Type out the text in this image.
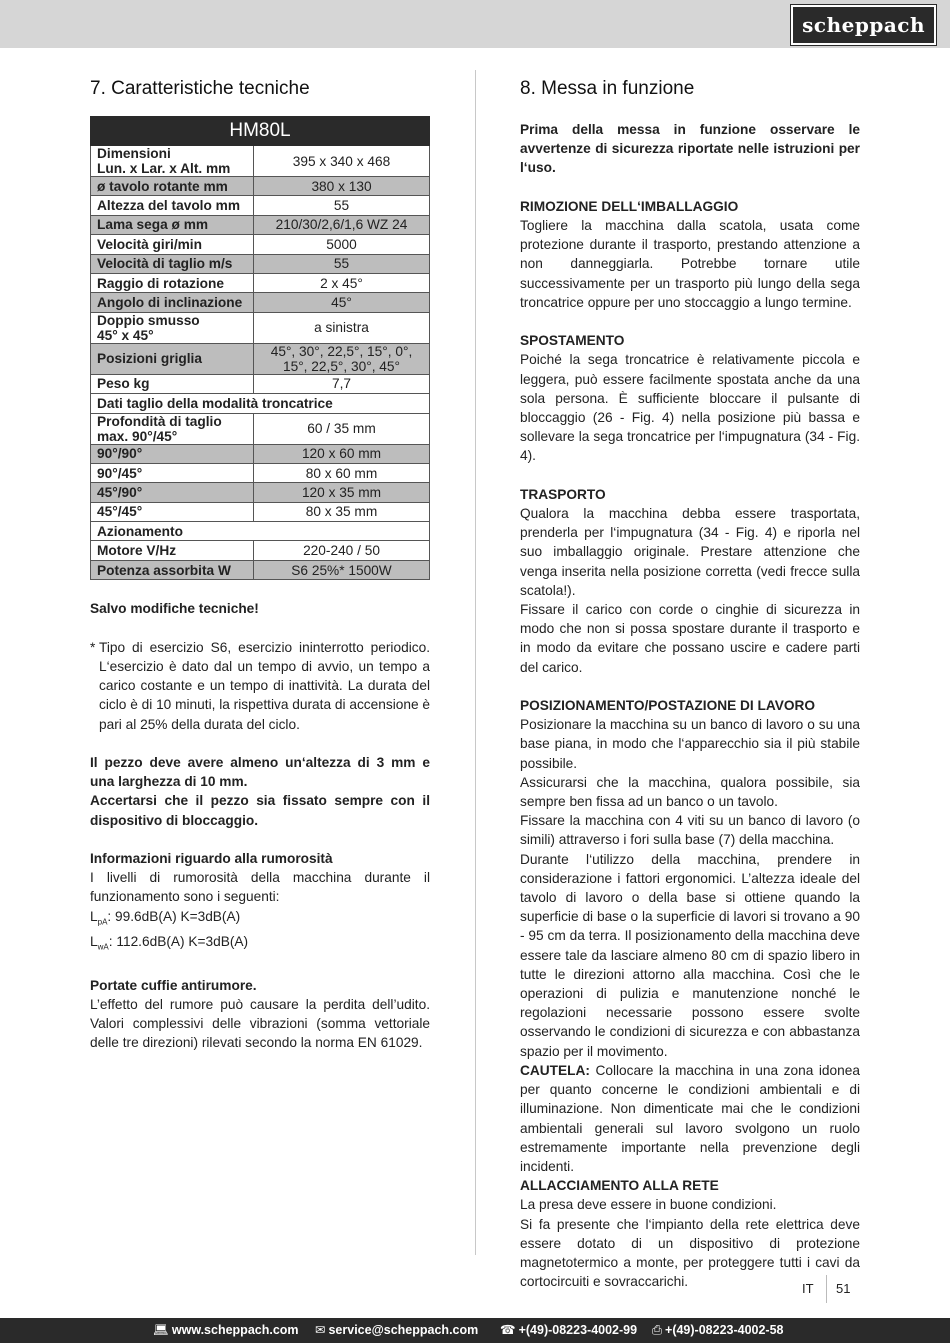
scheppach
7. Caratteristiche tecniche
HM80L	
Dimensioni
Lun. x Lar. x Alt. mm	395 x 340 x 468
ø tavolo rotante mm	380 x 130
Altezza del tavolo mm	55
Lama sega ø mm	210/30/2,6/1,6 WZ 24
Velocità giri/min	5000
Velocità di taglio m/s	55
Raggio di rotazione	2 x 45°
Angolo di inclinazione	45°
Doppio smusso
45° x 45°	a sinistra
Posizioni griglia	45°, 30°, 22,5°, 15°, 0°,
15°, 22,5°, 30°, 45°
Peso kg	7,7
Dati taglio della modalità troncatrice	
Profondità di taglio
max. 90°/45°	60 / 35 mm
90°/90°	120 x 60 mm
90°/45°	80 x 60 mm
45°/90°	120 x 35 mm
45°/45°	80 x 35 mm
Azionamento	
Motore V/Hz	220-240 / 50
Potenza assorbita W	S6 25%* 1500W

Salvo modifiche tecniche!

* Tipo di esercizio S6, esercizio ininterrotto periodico. L‘esercizio è dato dal un tempo di avvio, un tempo a carico costante e un tempo di inattività. La durata del ciclo è di 10 minuti, la rispettiva durata di accensione è pari al 25% della durata del ciclo.

Il pezzo deve avere almeno un‘altezza di 3 mm e una larghezza di 10 mm.

Accertarsi che il pezzo sia fissato sempre con il dispositivo di bloccaggio.

Informazioni riguardo alla rumorosità

I livelli di rumorosità della macchina durante il funzionamento sono i seguenti:

$L_{pA}$: 99.6dB(A) K=3dB(A)

$L_{wA}$: 112.6dB(A) K=3dB(A)

Portate cuffie antirumore.

L’effetto del rumore può causare la perdita dell’udito. Valori complessivi delle vibrazioni (somma vettoriale delle tre direzioni) rilevati secondo la norma EN 61029.

8. Messa in funzione

Prima della messa in funzione osservare le avvertenze di sicurezza riportate nelle istruzioni per l‘uso.

RIMOZIONE DELL‘IMBALLAGGIO

Togliere la macchina dalla scatola, usata come protezione durante il trasporto, prestando attenzione a non danneggiarla. Potrebbe tornare utile successivamente per un trasporto più lungo della sega troncatrice oppure per uno stoccaggio a lungo termine.

SPOSTAMENTO

Poiché la sega troncatrice è relativamente piccola e leggera, può essere facilmente spostata anche da una sola persona. È sufficiente bloccare il pulsante di bloccaggio (26 - Fig. 4) nella posizione più bassa e sollevare la sega troncatrice per l‘impugnatura (34 - Fig. 4).

TRASPORTO

Qualora la macchina debba essere trasportata, prenderla per l‘impugnatura (34 - Fig. 4) e riporla nel suo imballaggio originale. Prestare attenzione che venga inserita nella posizione corretta (vedi frecce sulla scatola!).

Fissare il carico con corde o cinghie di sicurezza in modo che non si possa spostare durante il trasporto e in modo da evitare che possano uscire e cadere parti del carico.

POSIZIONAMENTO/POSTAZIONE DI LAVORO

Posizionare la macchina su un banco di lavoro o su una base piana, in modo che l‘apparecchio sia il più stabile possibile.

Assicurarsi che la macchina, qualora possibile, sia sempre ben fissa ad un banco o un tavolo.

Fissare la macchina con 4 viti su un banco di lavoro (o simili) attraverso i fori sulla base (7) della macchina.

Durante l‘utilizzo della macchina, prendere in considerazione i fattori ergonomici. L’altezza ideale del tavolo di lavoro o della base si ottiene quando la superficie di base o la superficie di lavori si trovano a 90 - 95 cm da terra. Il posizionamento della macchina deve essere tale da lasciare almeno 80 cm di spazio libero in tutte le direzioni attorno alla macchina. Così che le operazioni di pulizia e manutenzione nonché le regolazioni necessarie possono essere svolte osservando le condizioni di sicurezza e con abbastanza spazio per il movimento.

CAUTELA: Collocare la macchina in una zona idonea per quanto concerne le condizioni ambientali e di illuminazione. Non dimenticate mai che le condizioni ambientali generali sul lavoro svolgono un ruolo estremamente importante nella prevenzione degli incidenti.

ALLACCIAMENTO ALLA RETE

La presa deve essere in buone condizioni.

Si fa presente che l‘impianto della rete elettrica deve essere dotato di un dispositivo di protezione magnetotermico a monte, per proteggere tutti i cavi da cortocircuiti e sovraccarichi.	IT 51
💻︎ www.scheppach.com ✉︎ service@scheppach.com ☎︎ +(49)-08223-4002-99 ⎙ +(49)-08223-4002-58
